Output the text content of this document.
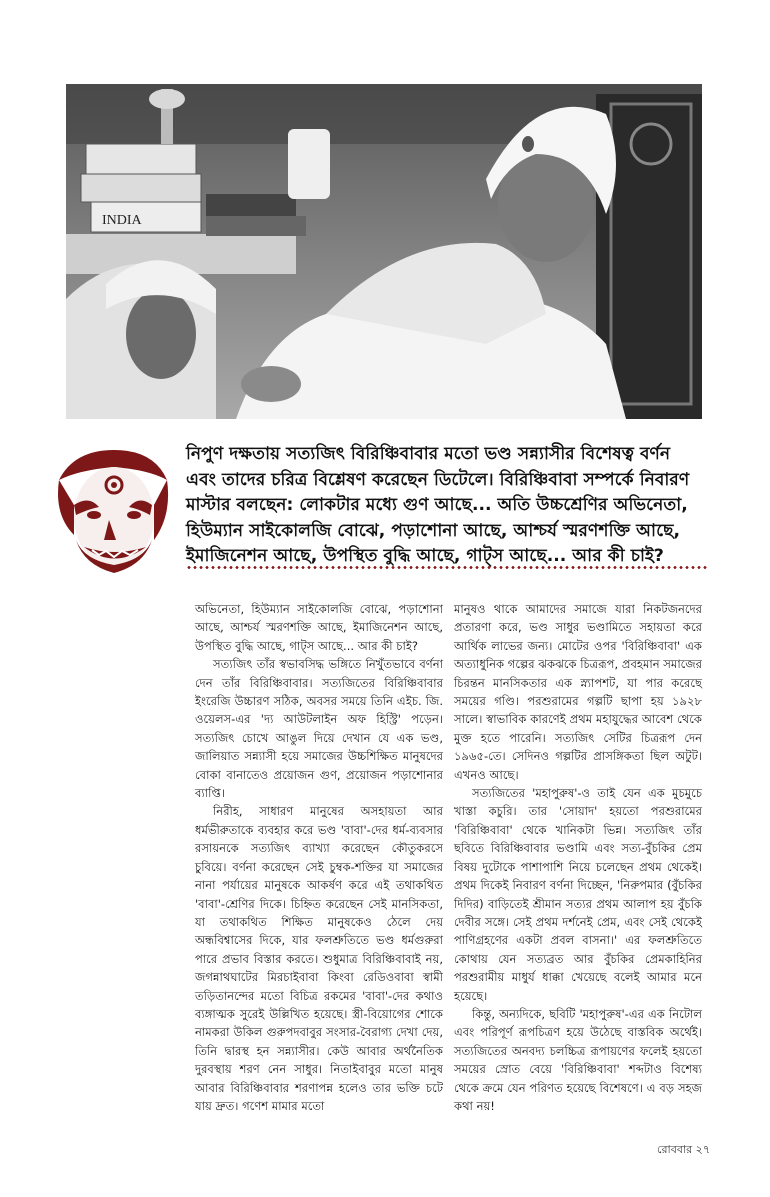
INDIA

নিপুণ দক্ষতায় সত্যজিৎ বিরিঞ্চিবাবার মতো ভণ্ড সন্ন্যাসীর বিশেষত্ব বর্ণন এবং তাদের চরিত্র বিশ্লেষণ করেছেন ডিটেলে। বিরিঞ্চিবাবা সম্পর্কে নিবারণ মাস্টার বলছেন: লোকটার মধ্যে গুণ আছে... অতি উচ্চশ্রেণির অভিনেতা, হিউম্যান সাইকোলজি বোঝে, পড়াশোনা আছে, আশ্চর্য স্মরণশক্তি আছে, ইমাজিনেশন আছে, উপস্থিত বুদ্ধি আছে, গাট্‌স আছে... আর কী চাই?

অভিনেতা, হিউম্যান সাইকোলজি বোঝে, পড়াশোনা আছে, আশ্চর্য স্মরণশক্তি আছে, ইমাজিনেশন আছে, উপস্থিত বুদ্ধি আছে, গাট্‌স আছে... আর কী চাই?

সত্যজিৎ তাঁর স্বভাবসিদ্ধ ভঙ্গিতে নিখুঁতভাবে বর্ণনা দেন তাঁর বিরিঞ্চিবাবার। সত্যজিতের বিরিঞ্চিবাবার ইংরেজি উচ্চারণ সঠিক, অবসর সময়ে তিনি এইচ. জি. ওয়েলস-এর 'দ্য আউটলাইন অফ হিস্ট্রি' পড়েন। সত্যজিৎ চোখে আঙুল দিয়ে দেখান যে এক ভণ্ড, জালিয়াত সন্ন্যাসী হয়ে সমাজের উচ্চশিক্ষিত মানুষদের বোকা বানাতেও প্রয়োজন গুণ, প্রয়োজন পড়াশোনার ব্যাপ্তি।

নিরীহ, সাধারণ মানুষের অসহায়তা আর ধর্মভীরুতাকে ব্যবহার করে ভণ্ড 'বাবা'-দের ধর্ম-ব্যবসার রসায়নকে সত্যজিৎ ব্যাখ্যা করেছেন কৌতুকরসে চুবিয়ে। বর্ণনা করেছেন সেই চুম্বক-শক্তির যা সমাজের নানা পর্যায়ের মানুষকে আকর্ষণ করে এই তথাকথিত 'বাবা'-শ্রেণির দিকে। চিহ্নিত করেছেন সেই মানসিকতা, যা তথাকথিত শিক্ষিত মানুষকেও ঠেলে দেয় অন্ধবিশ্বাসের দিকে, যার ফলশ্রুতিতে ভণ্ড ধর্মগুরুরা পারে প্রভাব বিস্তার করতে। শুধুমাত্র বিরিঞ্চিবাবাই নয়, জগন্নাথঘাটের মিরচাইবাবা কিংবা রেডিওবাবা স্বামী তড়িতানন্দের মতো বিচিত্র রকমের 'বাবা'-দের কথাও ব্যঙ্গাত্মক সুরেই উল্লিখিত হয়েছে। স্ত্রী-বিয়োগের শোকে নামকরা উকিল গুরুপদবাবুর সংসার-বৈরাগ্য দেখা দেয়, তিনি দ্বারস্থ হন সন্ন্যাসীর। কেউ আবার অর্থনৈতিক দুরবস্থায় শরণ নেন সাধুর। নিতাইবাবুর মতো মানুষ আবার বিরিঞ্চিবাবার শরণাপন্ন হলেও তার ভক্তি চটে যায় দ্রুত। গণেশ মামার মতো

মানুষও থাকে আমাদের সমাজে যারা নিকটজনদের প্রতারণা করে, ভণ্ড সাধুর ভণ্ডামিতে সহায়তা করে আর্থিক লাভের জন্য। মোটের ওপর 'বিরিঞ্চিবাবা' এক অত্যাধুনিক গল্পের ঝকঝকে চিত্ররূপ, প্রবহমান সমাজের চিরন্তন মানসিকতার এক স্ন্যাপশট, যা পার করেছে সময়ের গণ্ডি। পরশুরামের গল্পটি ছাপা হয় ১৯২৮ সালে। স্বাভাবিক কারণেই প্রথম মহাযুদ্ধের আবেশ থেকে মুক্ত হতে পারেনি। সত্যজিৎ সেটির চিত্ররূপ দেন ১৯৬৫-তে। সেদিনও গল্পটির প্রাসঙ্গিকতা ছিল অটুট। এখনও আছে।

সত্যজিতের 'মহাপুরুষ'-ও তাই যেন এক মুচমুচে খাস্তা কচুরি। তার 'সোয়াদ' হয়তো পরশুরামের 'বিরিঞ্চিবাবা' থেকে খানিকটা ভিন্ন। সত্যজিৎ তাঁর ছবিতে বিরিঞ্চিবাবার ভণ্ডামি এবং সত্য-বুঁচকির প্রেম বিষয় দুটোকে পাশাপাশি নিয়ে চলেছেন প্রথম থেকেই। প্রথম দিকেই নিবারণ বর্ণনা দিচ্ছেন, 'নিরুপমার (বুঁচকির দিদির) বাড়িতেই শ্রীমান সত্যর প্রথম আলাপ হয় বুঁচকি দেবীর সঙ্গে। সেই প্রথম দর্শনেই প্রেম, এবং সেই থেকেই পাণিগ্রহণের একটা প্রবল বাসনা।' এর ফলশ্রুতিতে কোথায় যেন সত্যব্রত আর বুঁচকির প্রেমকাহিনির পরশুরামীয় মাধুর্য ধাক্কা খেয়েছে বলেই আমার মনে হয়েছে।

কিন্তু, অন্যদিকে, ছবিটি 'মহাপুরুষ'-এর এক নিটোল এবং পরিপূর্ণ রূপচিত্রণ হয়ে উঠেছে বাস্তবিক অর্থেই। সত্যজিতের অনবদ্য চলচ্চিত্র রূপায়ণের ফলেই হয়তো সময়ের স্রোত বেয়ে 'বিরিঞ্চিবাবা' শব্দটাও বিশেষ্য থেকে ক্রমে যেন পরিণত হয়েছে বিশেষণে। এ বড় সহজ কথা নয়!

রোববার ২৭
